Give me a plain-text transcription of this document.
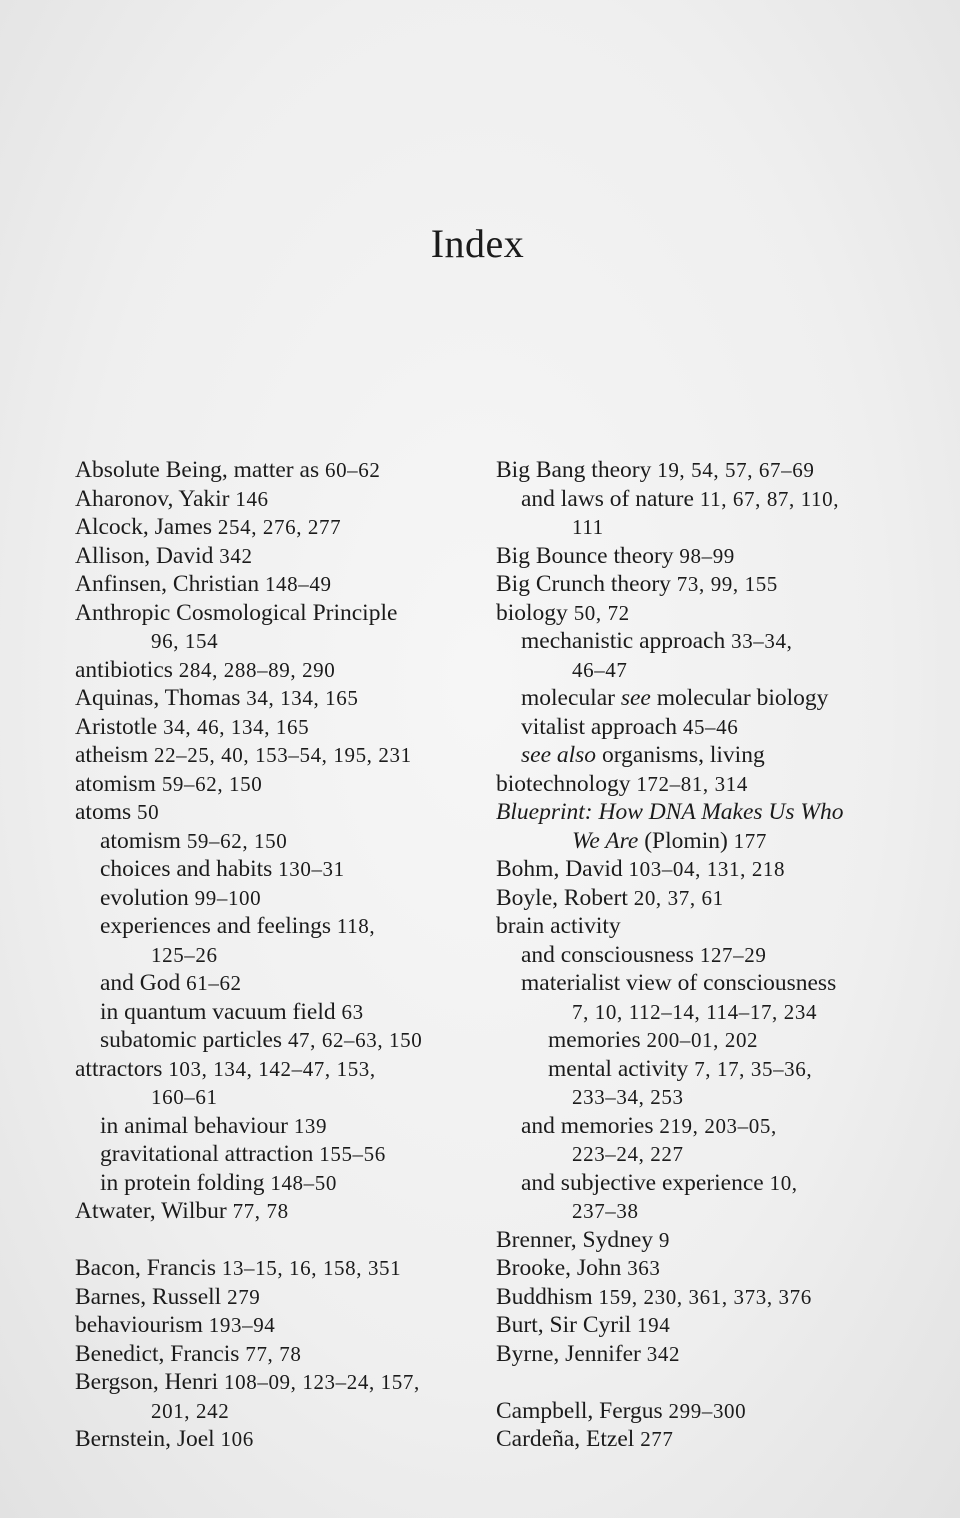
Index
Absolute Being, matter as 60–62
Aharonov, Yakir 146
Alcock, James 254, 276, 277
Allison, David 342
Anfinsen, Christian 148–49
Anthropic Cosmological Principle
96, 154
antibiotics 284, 288–89, 290
Aquinas, Thomas 34, 134, 165
Aristotle 34, 46, 134, 165
atheism 22–25, 40, 153–54, 195, 231
atomism 59–62, 150
atoms 50
atomism 59–62, 150
choices and habits 130–31
evolution 99–100
experiences and feelings 118,
125–26
and God 61–62
in quantum vacuum field 63
subatomic particles 47, 62–63, 150
attractors 103, 134, 142–47, 153,
160–61
in animal behaviour 139
gravitational attraction 155–56
in protein folding 148–50
Atwater, Wilbur 77, 78
Bacon, Francis 13–15, 16, 158, 351
Barnes, Russell 279
behaviourism 193–94
Benedict, Francis 77, 78
Bergson, Henri 108–09, 123–24, 157,
201, 242
Bernstein, Joel 106
Big Bang theory 19, 54, 57, 67–69
and laws of nature 11, 67, 87, 110,
111
Big Bounce theory 98–99
Big Crunch theory 73, 99, 155
biology 50, 72
mechanistic approach 33–34,
46–47
molecular see molecular biology
vitalist approach 45–46
see also organisms, living
biotechnology 172–81, 314
Blueprint: How DNA Makes Us Who
We Are (Plomin) 177
Bohm, David 103–04, 131, 218
Boyle, Robert 20, 37, 61
brain activity
and consciousness 127–29
materialist view of consciousness
7, 10, 112–14, 114–17, 234
memories 200–01, 202
mental activity 7, 17, 35–36,
233–34, 253
and memories 219, 203–05,
223–24, 227
and subjective experience 10,
237–38
Brenner, Sydney 9
Brooke, John 363
Buddhism 159, 230, 361, 373, 376
Burt, Sir Cyril 194
Byrne, Jennifer 342
Campbell, Fergus 299–300
Cardeña, Etzel 277
